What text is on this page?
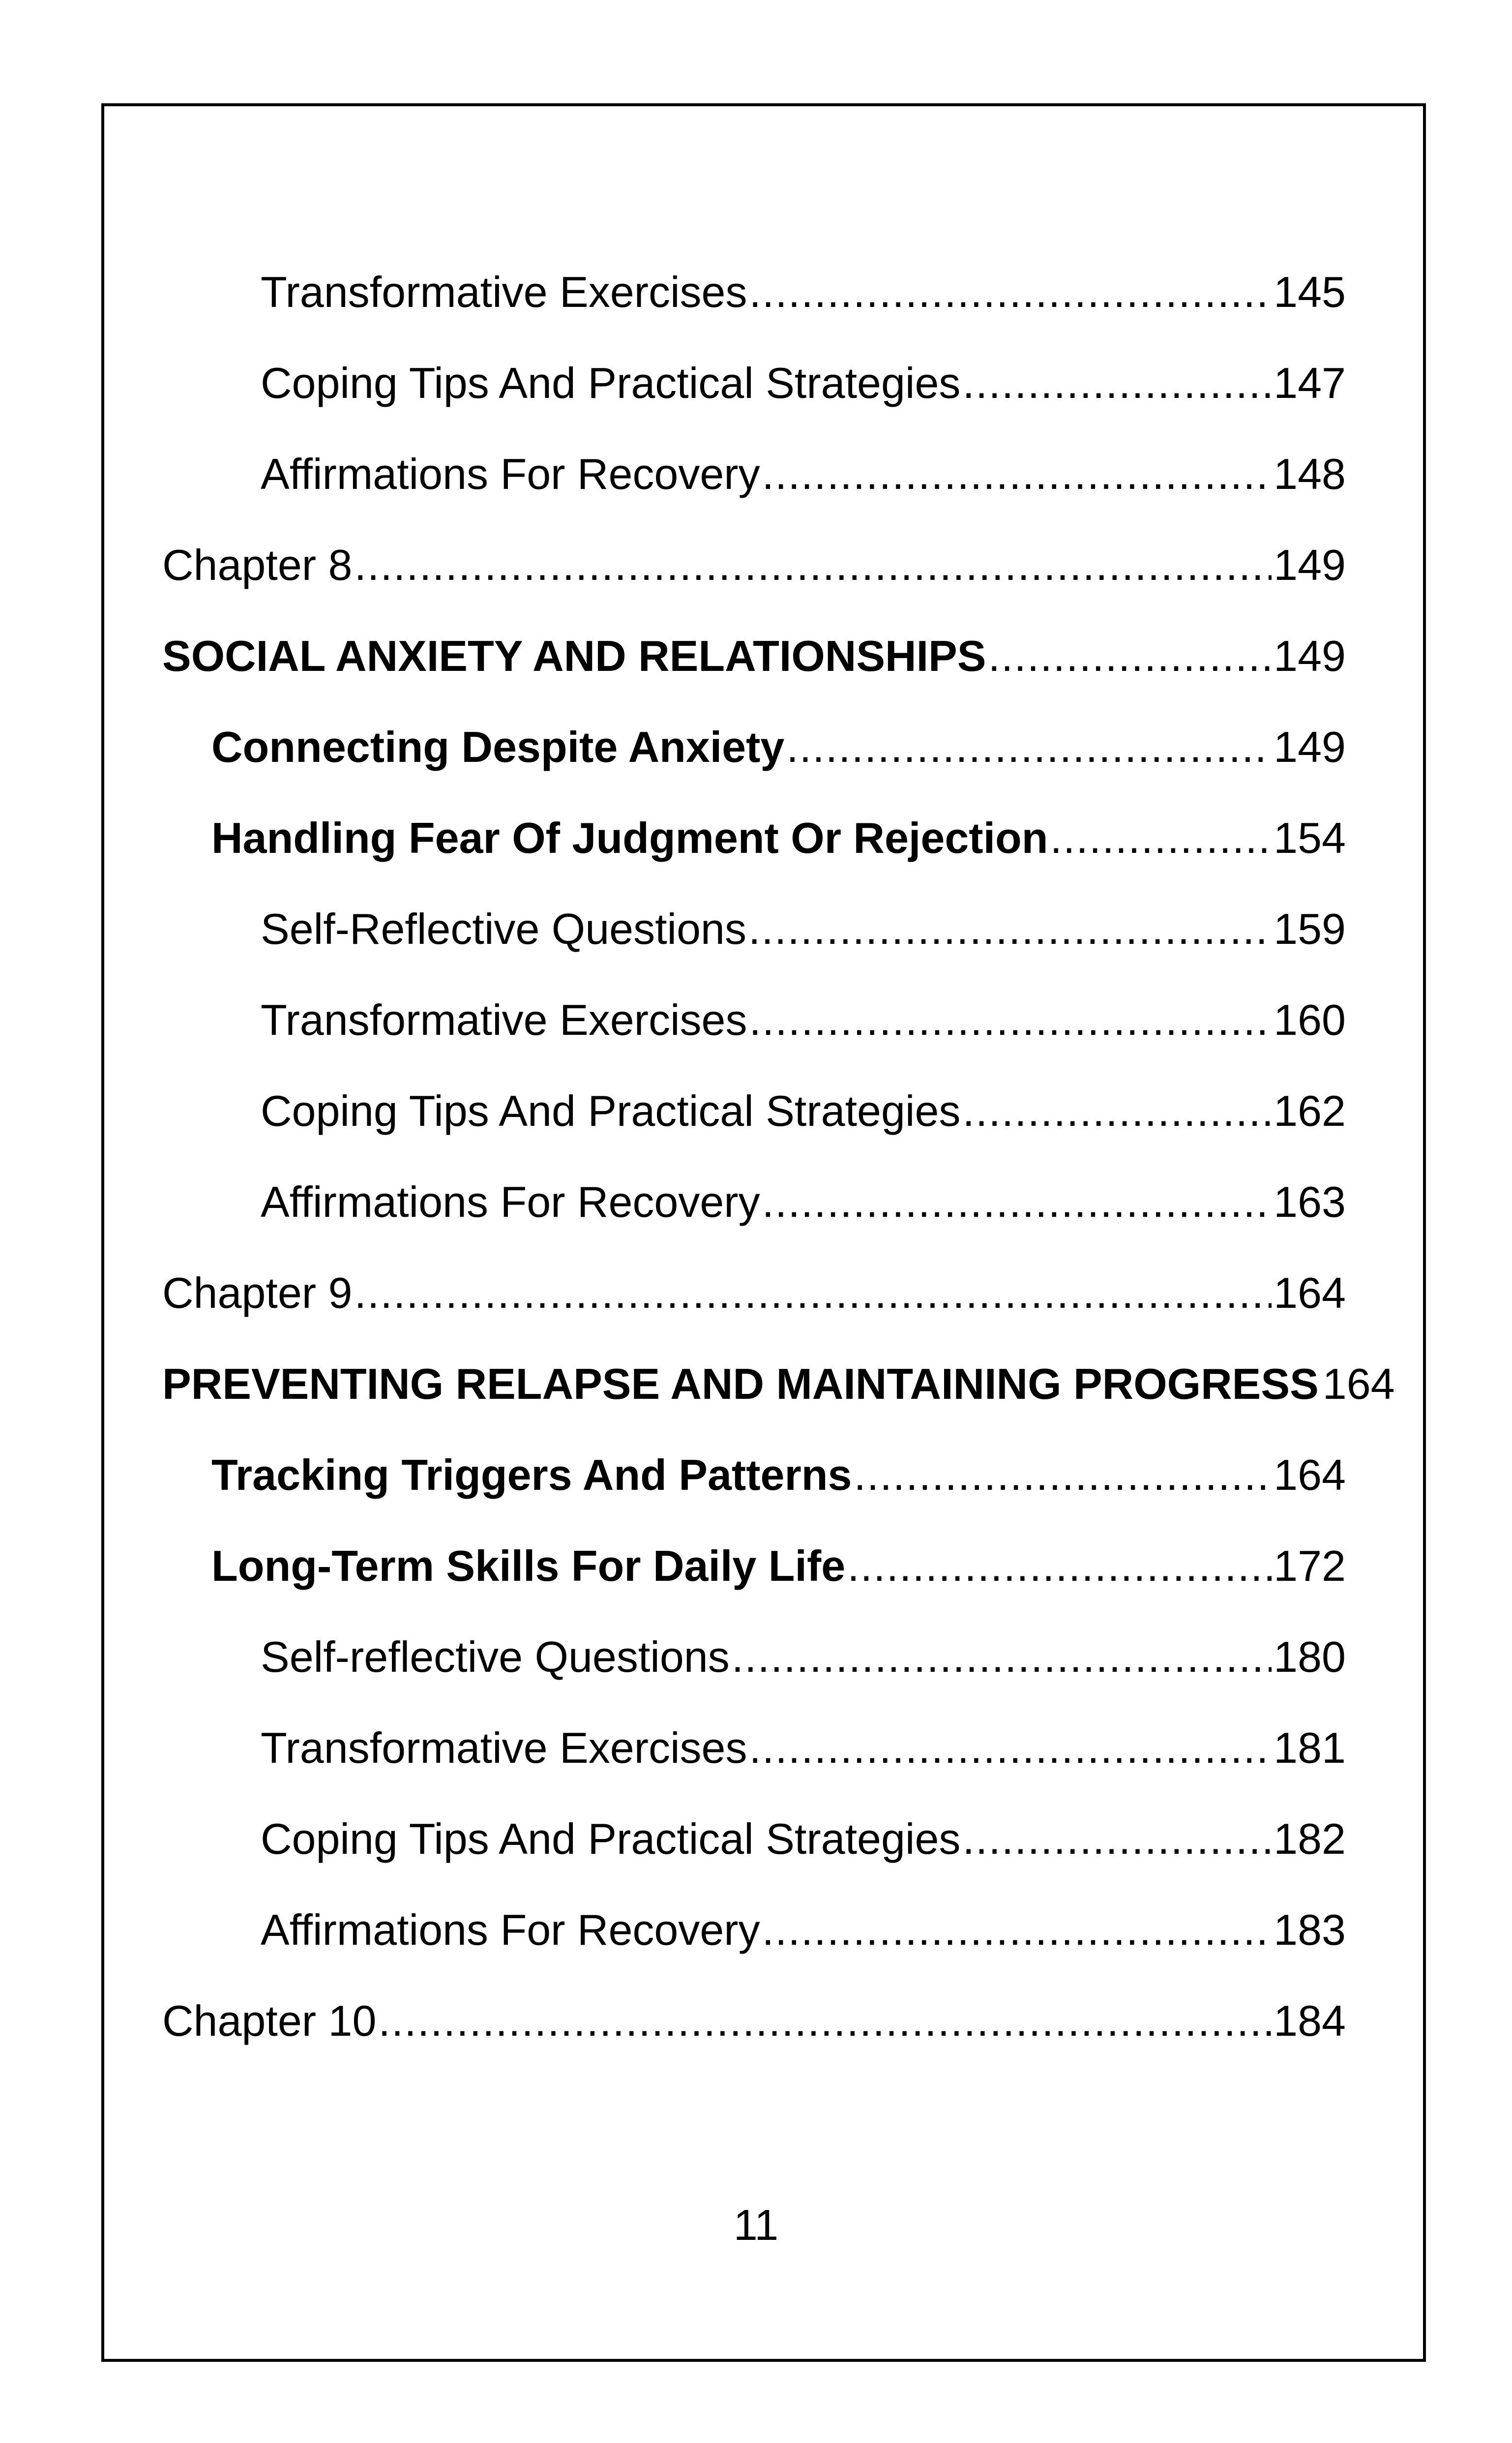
Transformative Exercises .....	145
Coping Tips And Practical Strategies .....	147
Affirmations For Recovery .....	148
Chapter 8 .....	149
SOCIAL ANXIETY AND RELATIONSHIPS .....	149
Connecting Despite Anxiety .....	149
Handling Fear Of Judgment Or Rejection .....	154
Self-Reflective Questions .....	159
Transformative Exercises .....	160
Coping Tips And Practical Strategies .....	162
Affirmations For Recovery .....	163
Chapter 9 .....	164
PREVENTING RELAPSE AND MAINTAINING PROGRESS 164
Tracking Triggers And Patterns .....	164
Long-Term Skills For Daily Life .....	172
Self-reflective Questions .....	180
Transformative Exercises .....	181
Coping Tips And Practical Strategies .....	182
Affirmations For Recovery .....	183
Chapter 10 .....	184
11
